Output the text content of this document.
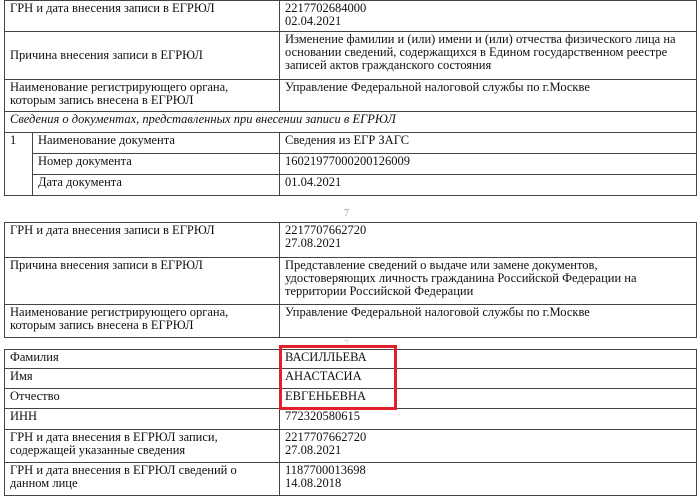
ГРН и дата внесения записи в ЕГРЮЛ		2217702684000
02.04.2021
Причина внесения записи в ЕГРЮЛ		Изменение фамилии и (или) имени и (или) отчества физического лица на основании сведений, содержащихся в Едином государственном реестре записей актов гражданского состояния
Наименование регистрирующего органа, которым запись внесена в ЕГРЮЛ		Управление Федеральной налоговой службы по г.Москве
Сведения о документах, представленных при внесении записи в ЕГРЮЛ		
1	Наименование документа	Сведения из ЕГР ЗАГС
	Номер документа	16021977000200126009
	Дата документа	01.04.2021
7
ГРН и дата внесения записи в ЕГРЮЛ	2217707662720
27.08.2021
Причина внесения записи в ЕГРЮЛ	Представление сведений о выдаче или замене документов, удостоверяющих личность гражданина Российской Федерации на территории Российской Федерации
Наименование регистрирующего органа, которым запись внесена в ЕГРЮЛ	Управление Федеральной налоговой службы по г.Москве
7
Фамилия	ВАСИЛЛЬЕВА
Имя	АНАСТАСИА
Отчество	ЕВГЕНЬЕВНА
ИНН	772320580615
ГРН и дата внесения в ЕГРЮЛ записи, содержащей указанные сведения	2217707662720
27.08.2021
ГРН и дата внесения в ЕГРЮЛ сведений о данном лице	1187700013698
14.08.2018
